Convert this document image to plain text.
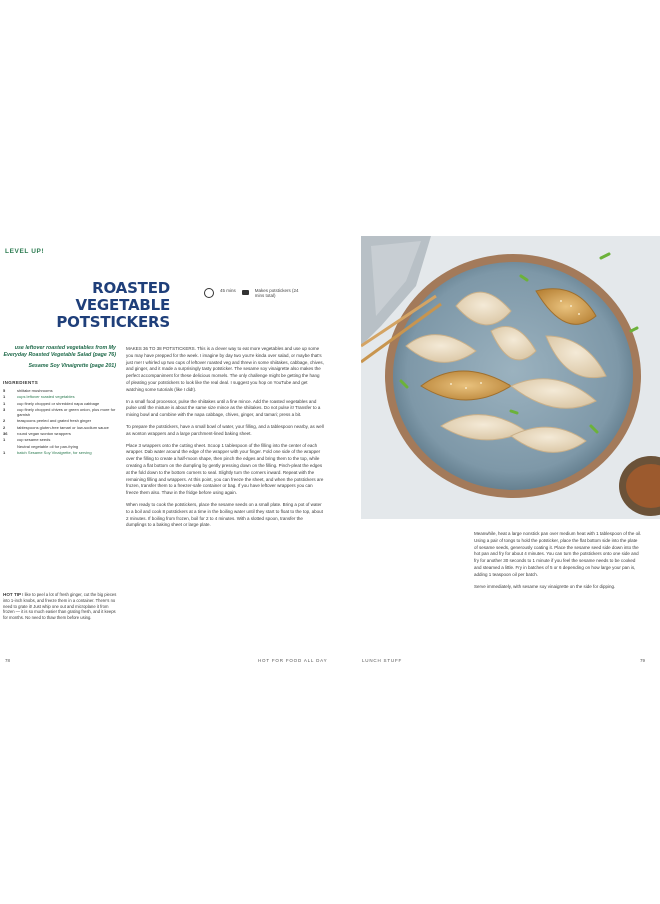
LEVEL UP!
ROASTED VEGETABLE POTSTICKERS
45 mins	Makes potstickers (24 mins total)
use leftover roasted vegetables from My Everyday Roasted Vegetable Salad (page 76)
Sesame Soy Vinaigrette (page 201)
INGREDIENTS
5	shiitake mushrooms
1	cups leftover roasted vegetables
1	cup finely chopped or shredded napa cabbage
3	cup finely chopped chives or green onion, plus more for garnish
2	teaspoons peeled and grated fresh ginger
2	tablespoons gluten-free tamari or low-sodium sauce
36	round vegan wonton wrappers
1	cup sesame seeds
Neutral vegetable oil for pan-frying
1	batch Sesame Soy Vinaigrette, for serving
HOT TIP I like to peel a lot of fresh ginger, cut the big pieces into 1-inch knobs, and freeze them in a container. There's no need to grate it! Just whip one out and microplane it from frozen — it is so much easier than grating fresh, and it keeps for months. No need to thaw them before using.

MAKES 36 TO 38 POTSTICKERS. This is a clever way to eat more vegetables and use up some you may have prepped for the week. I imagine by day two you're kinda over salad, or maybe that's just me! I whirled up two cups of leftover roasted veg and threw in some shiitakes, cabbage, chives, and ginger, and it made a surprisingly tasty potsticker. The sesame soy vinaigrette also makes the perfect accompaniment for these delicious morsels. The only challenge might be getting the hang of pleating your potstickers to look like the real deal. I suggest you hop on YouTube and get watching some tutorials (like I did!).

In a small food processor, pulse the shiitakes until a fine mince. Add the roasted vegetables and pulse until the mixture is about the same size mince as the shiitakes. Do not pulse it! Transfer to a mixing bowl and combine with the napa cabbage, chives, ginger, and tamari; press a bit.

To prepare the potstickers, have a small bowl of water, your filling, and a tablespoon nearby, as well as wonton wrappers and a large parchment-lined baking sheet.

Place 3 wrappers onto the cutting sheet. Scoop 1 tablespoon of the filling into the center of each wrapper. Dab water around the edge of the wrapper with your finger. Fold one side of the wrapper over the filling to create a half-moon shape, then pinch the edges and bring them to the top, while creating a flat bottom on the dumpling by gently pressing down on the filling. Pinch-pleat the edges at the fold down to the bottom corners to seal. Slightly turn the corners inward. Repeat with the remaining filling and wrappers. At this point, you can freeze the sheet, and when the potstickers are frozen, transfer them to a freezer-safe container or bag. If you have leftover wrappers you can freeze them also. Thaw in the fridge before using again.

When ready to cook the potstickers, place the sesame seeds on a small plate. Bring a pot of water to a boil and cook 8 potstickers at a time in the boiling water until they start to float to the top, about 2 minutes. If boiling from frozen, boil for 2 to 4 minutes. With a slotted spoon, transfer the dumplings to a baking sheet or large plate.

78	HOT FOR FOOD ALL DAY	LUNCH STUFF	79

Meanwhile, heat a large nonstick pan over medium heat with 1 tablespoon of the oil. Using a pair of tongs to hold the potsticker, place the flat bottom side into the plate of sesame seeds, generously coating it. Place the sesame seed side down into the hot pan and fry for about 4 minutes. You can turn the potstickers onto one side and fry for another 30 seconds to 1 minute if you feel the sesame needs to be cooked and steamed a little. Fry in batches of 5 or 6 depending on how large your pan is, adding 1 teaspoon oil per batch.

Serve immediately, with sesame soy vinaigrette on the side for dipping.
